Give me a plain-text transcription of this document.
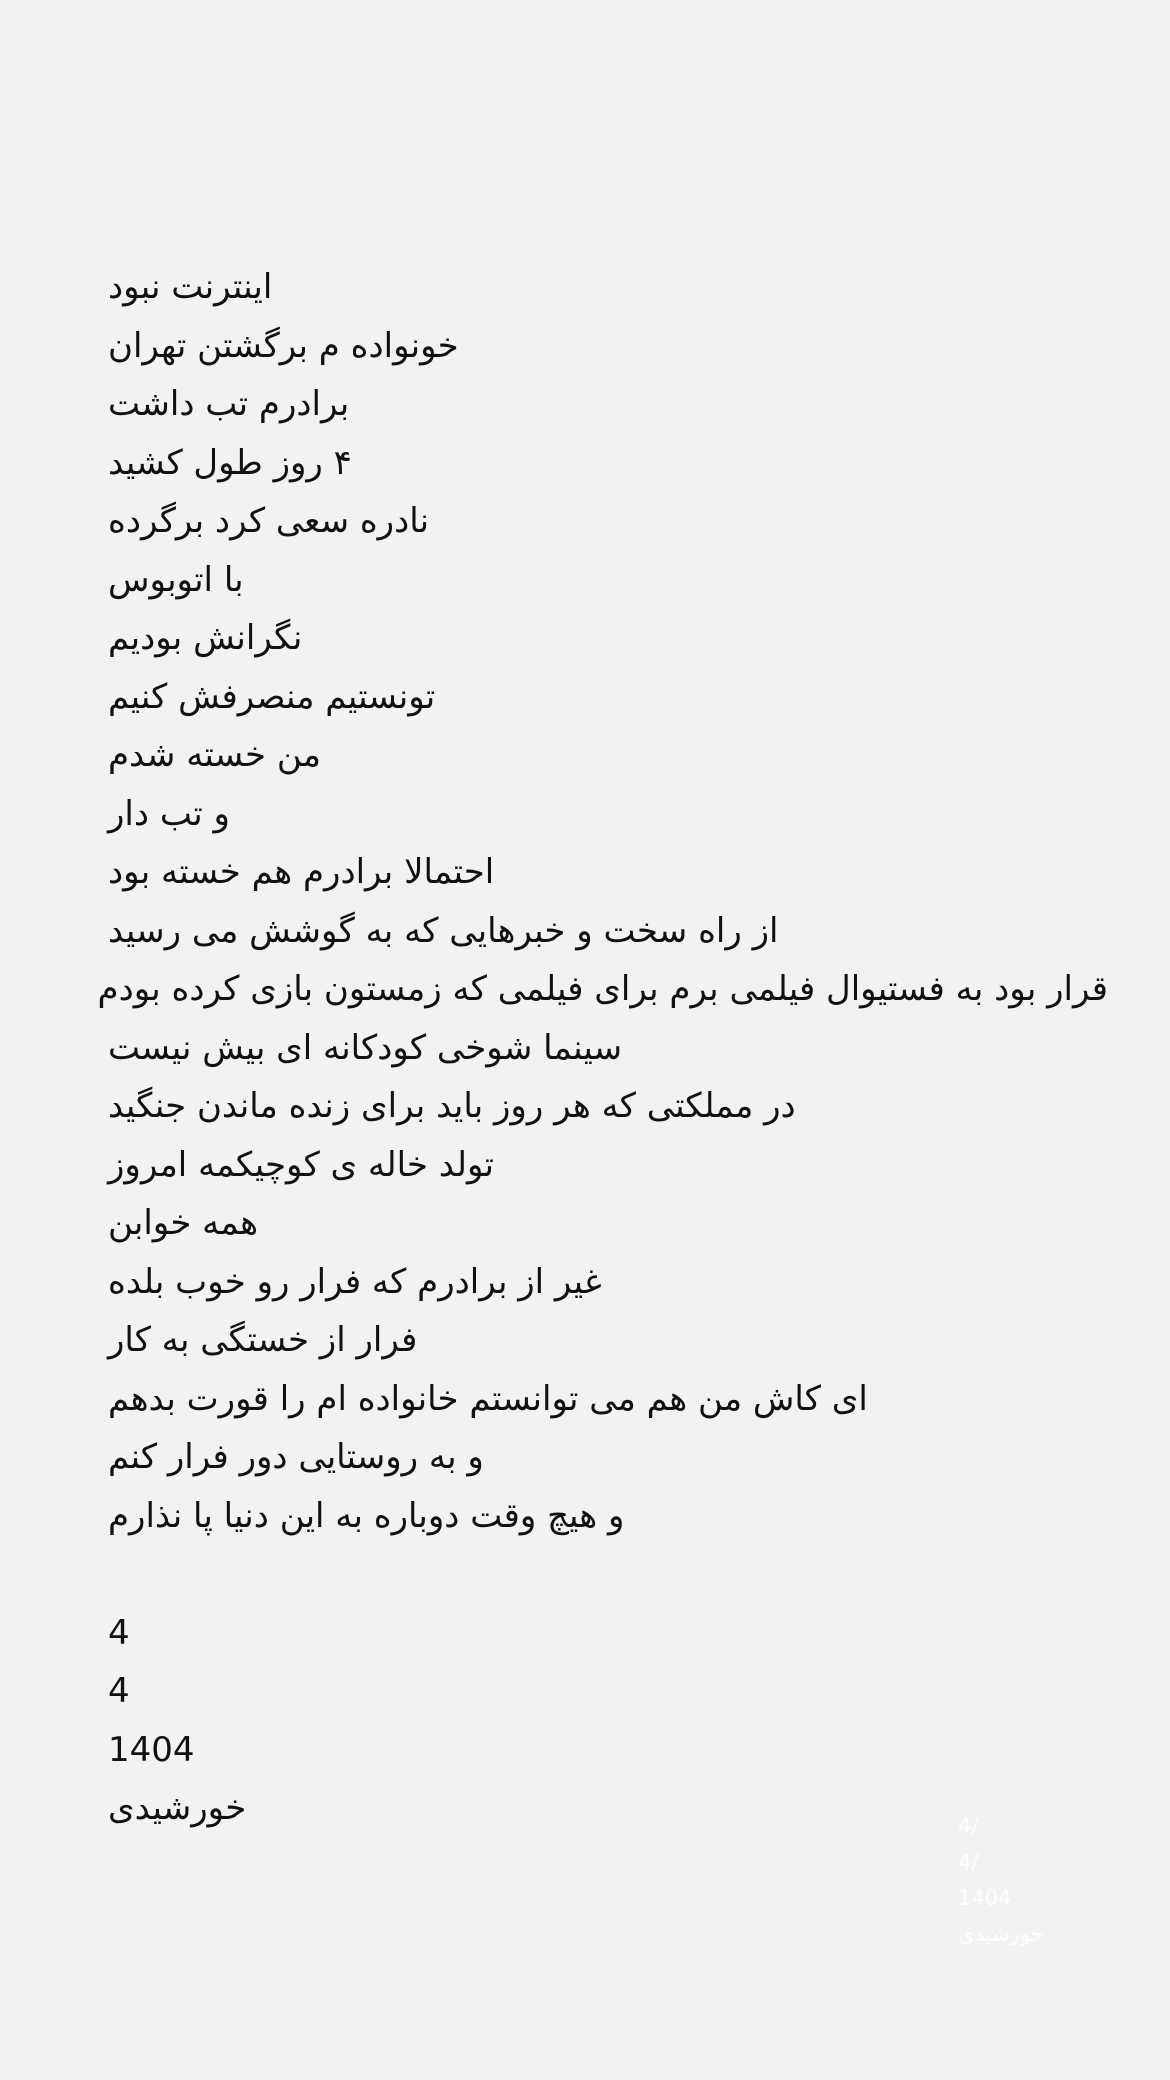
اینترنت نبود
خونواده م برگشتن تهران
برادرم تب داشت
۴ روز طول کشید
نادره سعی کرد برگرده
با اتوبوس
نگرانش بودیم
تونستیم منصرفش کنیم
من خسته شدم
و تب دار
احتمالا برادرم هم خسته بود
از راه سخت و خبرهایی که به گوشش می رسید
قرار بود به فستیوال فیلمی برم برای فیلمی که زمستون بازی کرده بودم
سینما شوخی کودکانه ای بیش نیست
در مملکتی که هر روز باید برای زنده ماندن جنگید
تولد خاله ی کوچیکمه امروز
همه خوابن
غیر از برادرم که فرار رو خوب بلده
فرار از خستگی به کار
ای کاش من هم می توانستم خانواده ام را قورت بدهم
و به روستایی دور فرار کنم
و هیچ وقت دوباره به این دنیا پا نذارم
4
4
1404
خورشیدی	4/
4/
1404
خورشیدی
